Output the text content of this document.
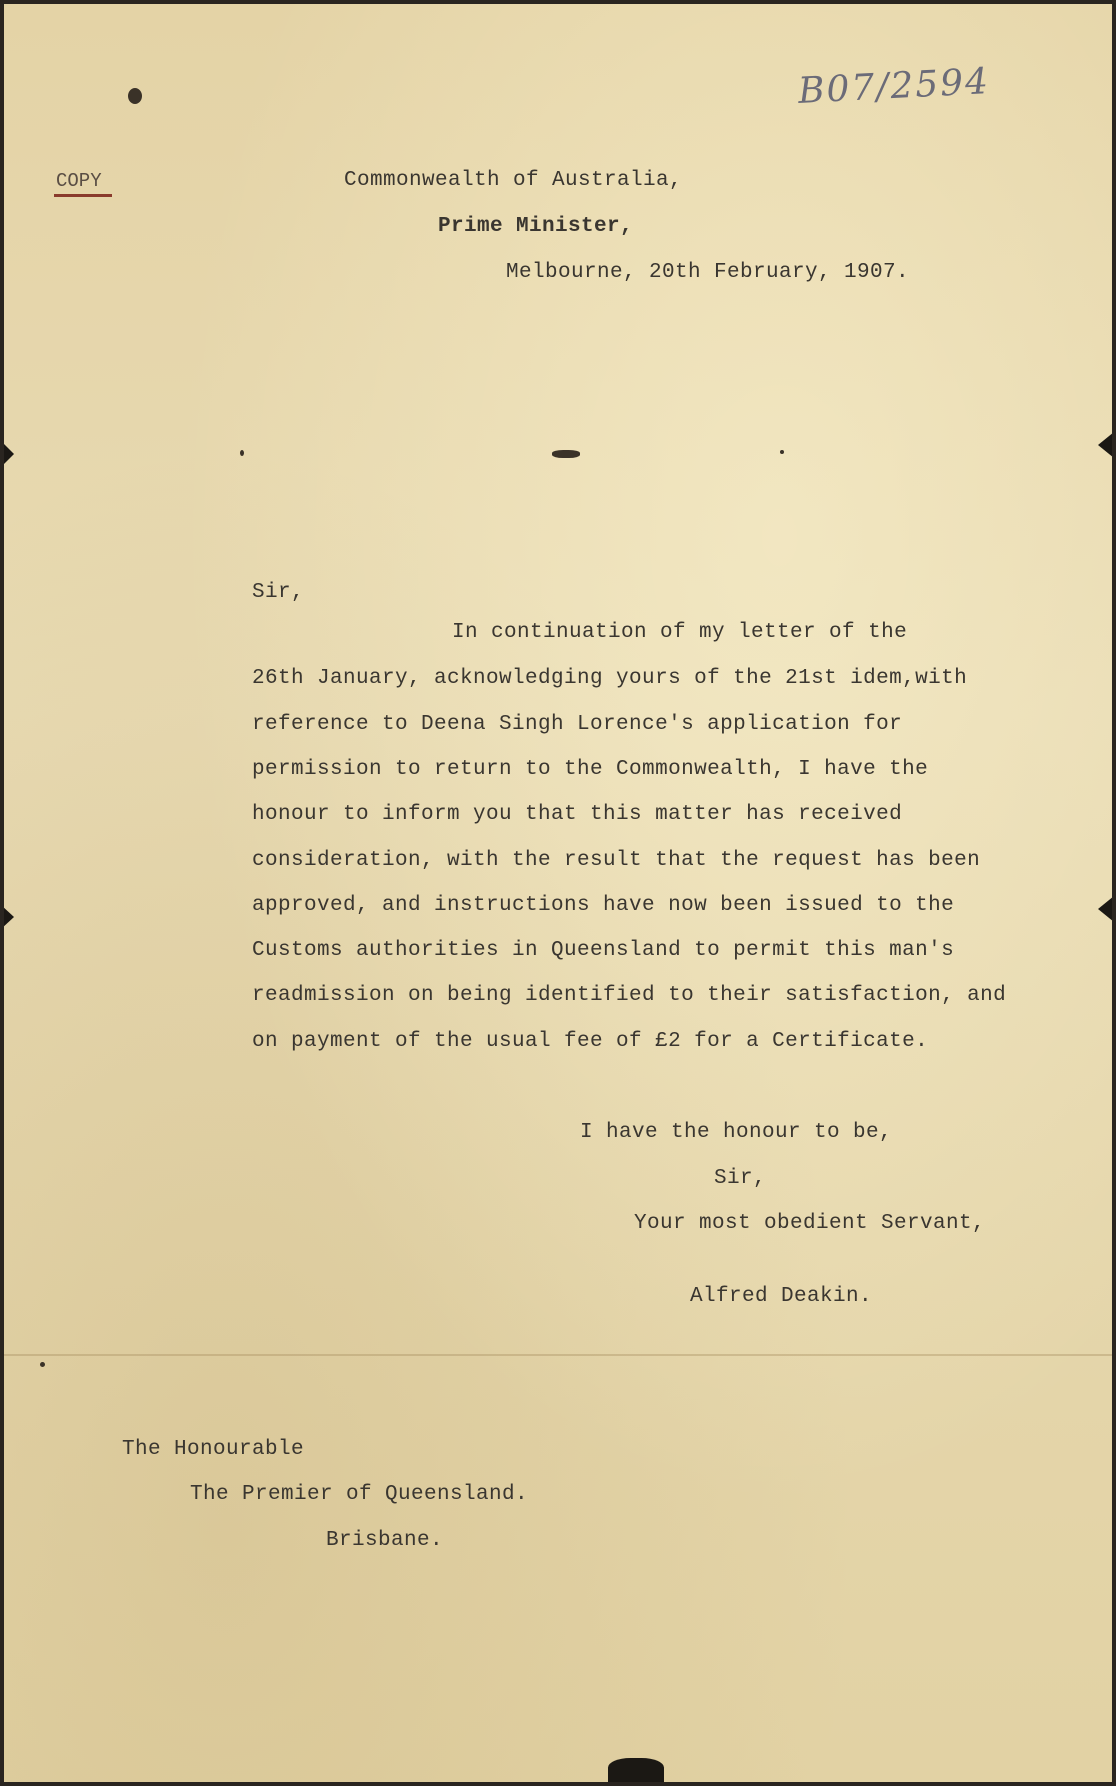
B07/2594
COPY	Commonwealth of Australia,
Prime Minister,
Melbourne, 20th February, 1907.
Sir,
In continuation of my letter of the
26th January, acknowledging yours of the 21st idem,with
reference to Deena Singh Lorence's application for
permission to return to the Commonwealth, I have the
honour to inform you that this matter has received
consideration, with the result that the request has been
approved, and instructions have now been issued to the
Customs authorities in Queensland to permit this man's
readmission on being identified to their satisfaction, and
on payment of the usual fee of £2 for a Certificate.
I have the honour to be,
Sir,
Your most obedient Servant,
Alfred Deakin.
The Honourable
The Premier of Queensland.
Brisbane.
